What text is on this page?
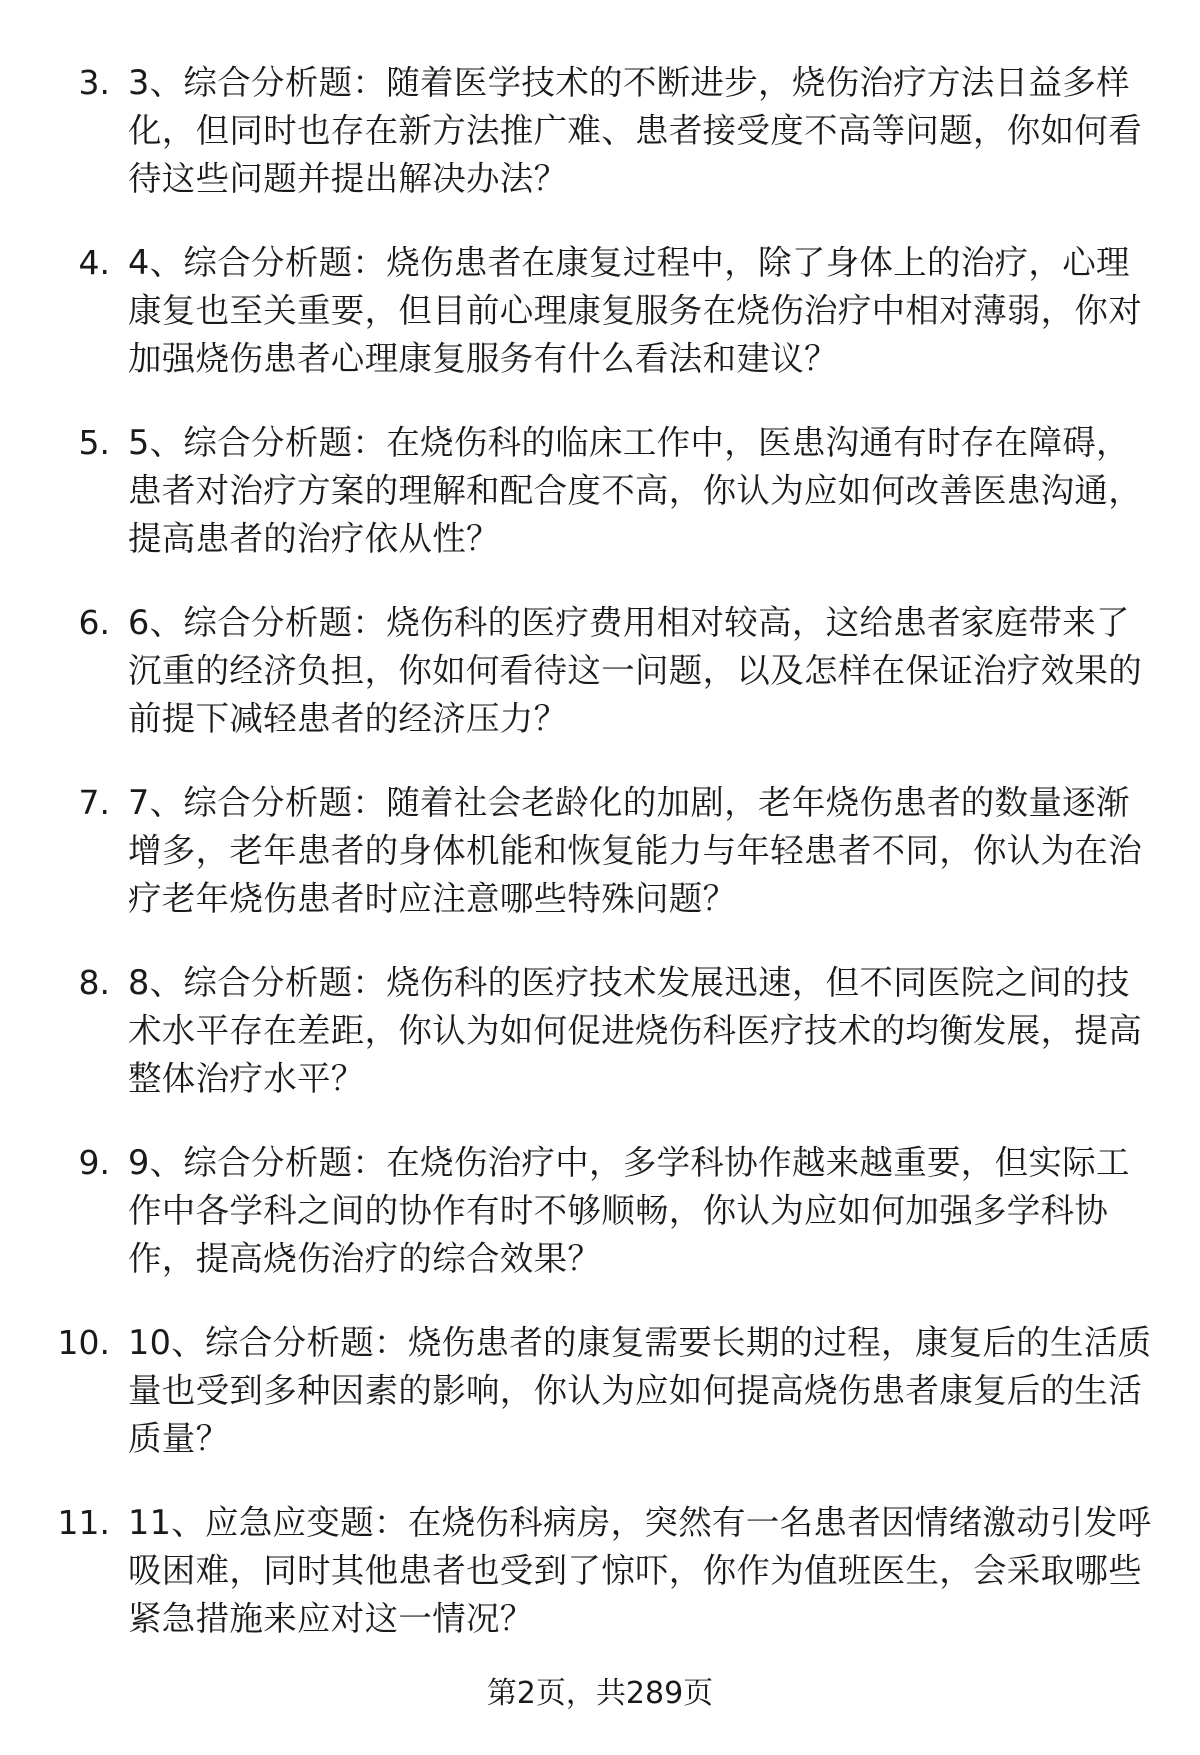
3. 3、综合分析题：随着医学技术的不断进步，烧伤治疗方法日益多样化，但同时也存在新方法推广难、患者接受度不高等问题，你如何看待这些问题并提出解决办法？
4. 4、综合分析题：烧伤患者在康复过程中，除了身体上的治疗，心理康复也至关重要，但目前心理康复服务在烧伤治疗中相对薄弱，你对加强烧伤患者心理康复服务有什么看法和建议？
5. 5、综合分析题：在烧伤科的临床工作中，医患沟通有时存在障碍，患者对治疗方案的理解和配合度不高，你认为应如何改善医患沟通，提高患者的治疗依从性？
6. 6、综合分析题：烧伤科的医疗费用相对较高，这给患者家庭带来了沉重的经济负担，你如何看待这一问题，以及怎样在保证治疗效果的前提下减轻患者的经济压力？
7. 7、综合分析题：随着社会老龄化的加剧，老年烧伤患者的数量逐渐增多，老年患者的身体机能和恢复能力与年轻患者不同，你认为在治疗老年烧伤患者时应注意哪些特殊问题？
8. 8、综合分析题：烧伤科的医疗技术发展迅速，但不同医院之间的技术水平存在差距，你认为如何促进烧伤科医疗技术的均衡发展，提高整体治疗水平？
9. 9、综合分析题：在烧伤治疗中，多学科协作越来越重要，但实际工作中各学科之间的协作有时不够顺畅，你认为应如何加强多学科协作，提高烧伤治疗的综合效果？
10. 10、综合分析题：烧伤患者的康复需要长期的过程，康复后的生活质量也受到多种因素的影响，你认为应如何提高烧伤患者康复后的生活质量？
11. 11、应急应变题：在烧伤科病房，突然有一名患者因情绪激动引发呼吸困难，同时其他患者也受到了惊吓，你作为值班医生，会采取哪些紧急措施来应对这一情况？
第2页，共289页
